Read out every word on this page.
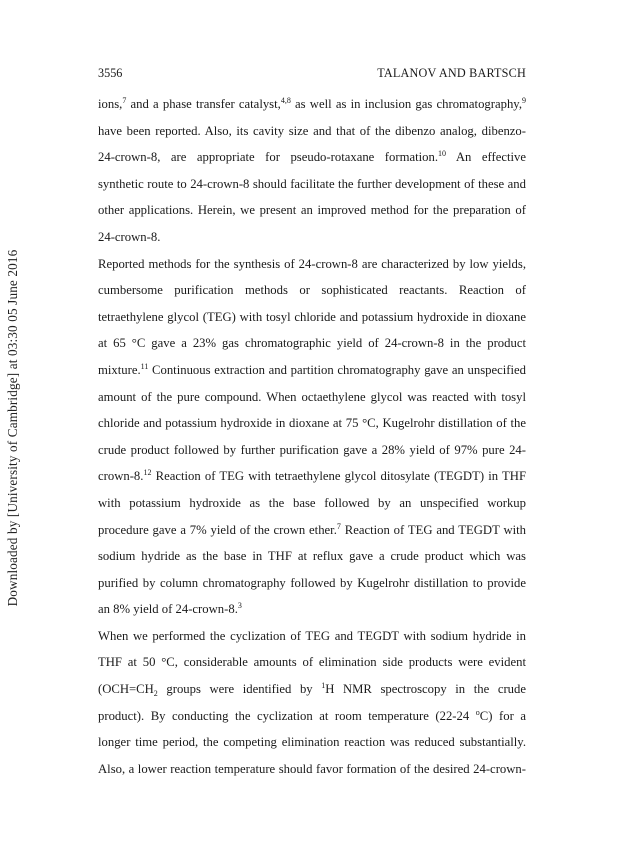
Downloaded by [University of Cambridge] at 03:30 05 June 2016
3556	TALANOV AND BARTSCH
ions,$^7$ and a phase transfer catalyst,$^{4,8}$ as well as in inclusion gas chromatography,$^9$
have been reported. Also, its cavity size and that of the dibenzo analog, dibenzo-
24-crown-8, are appropriate for pseudo-rotaxane formation.$^{10}$ An effective
synthetic route to 24-crown-8 should facilitate the further development of these and
other applications. Herein, we present an improved method for the preparation of
24-crown-8.
Reported methods for the synthesis of 24-crown-8 are characterized by low yields,
cumbersome purification methods or sophisticated reactants. Reaction of
tetraethylene glycol (TEG) with tosyl chloride and potassium hydroxide in dioxane
at 65 °C gave a 23% gas chromatographic yield of 24-crown-8 in the product
mixture.$^{11}$ Continuous extraction and partition chromatography gave an unspecified
amount of the pure compound. When octaethylene glycol was reacted with tosyl
chloride and potassium hydroxide in dioxane at 75 °C, Kugelrohr distillation of the
crude product followed by further purification gave a 28% yield of 97% pure 24-
crown-8.12 Reaction of TEG with tetraethylene glycol ditosylate (TEGDT) in THF
with potassium hydroxide as the base followed by an unspecified workup
procedure gave a 7% yield of the crown ether.$^7$ Reaction of TEG and TEGDT with
sodium hydride as the base in THF at reflux gave a crude product which was
purified by column chromatography followed by Kugelrohr distillation to provide
an 8% yield of 24-crown-8.$^3$
When we performed the cyclization of TEG and TEGDT with sodium hydride in
THF at 50 °C, considerable amounts of elimination side products were evident
($OCH=CH_2$ groups were identified by $^1$H NMR spectroscopy in the crude
product). By conducting the cyclization at room temperature (22-24 $^o$C) for a
longer time period, the competing elimination reaction was reduced substantially.
Also, a lower reaction temperature should favor formation of the desired 24-crown-
